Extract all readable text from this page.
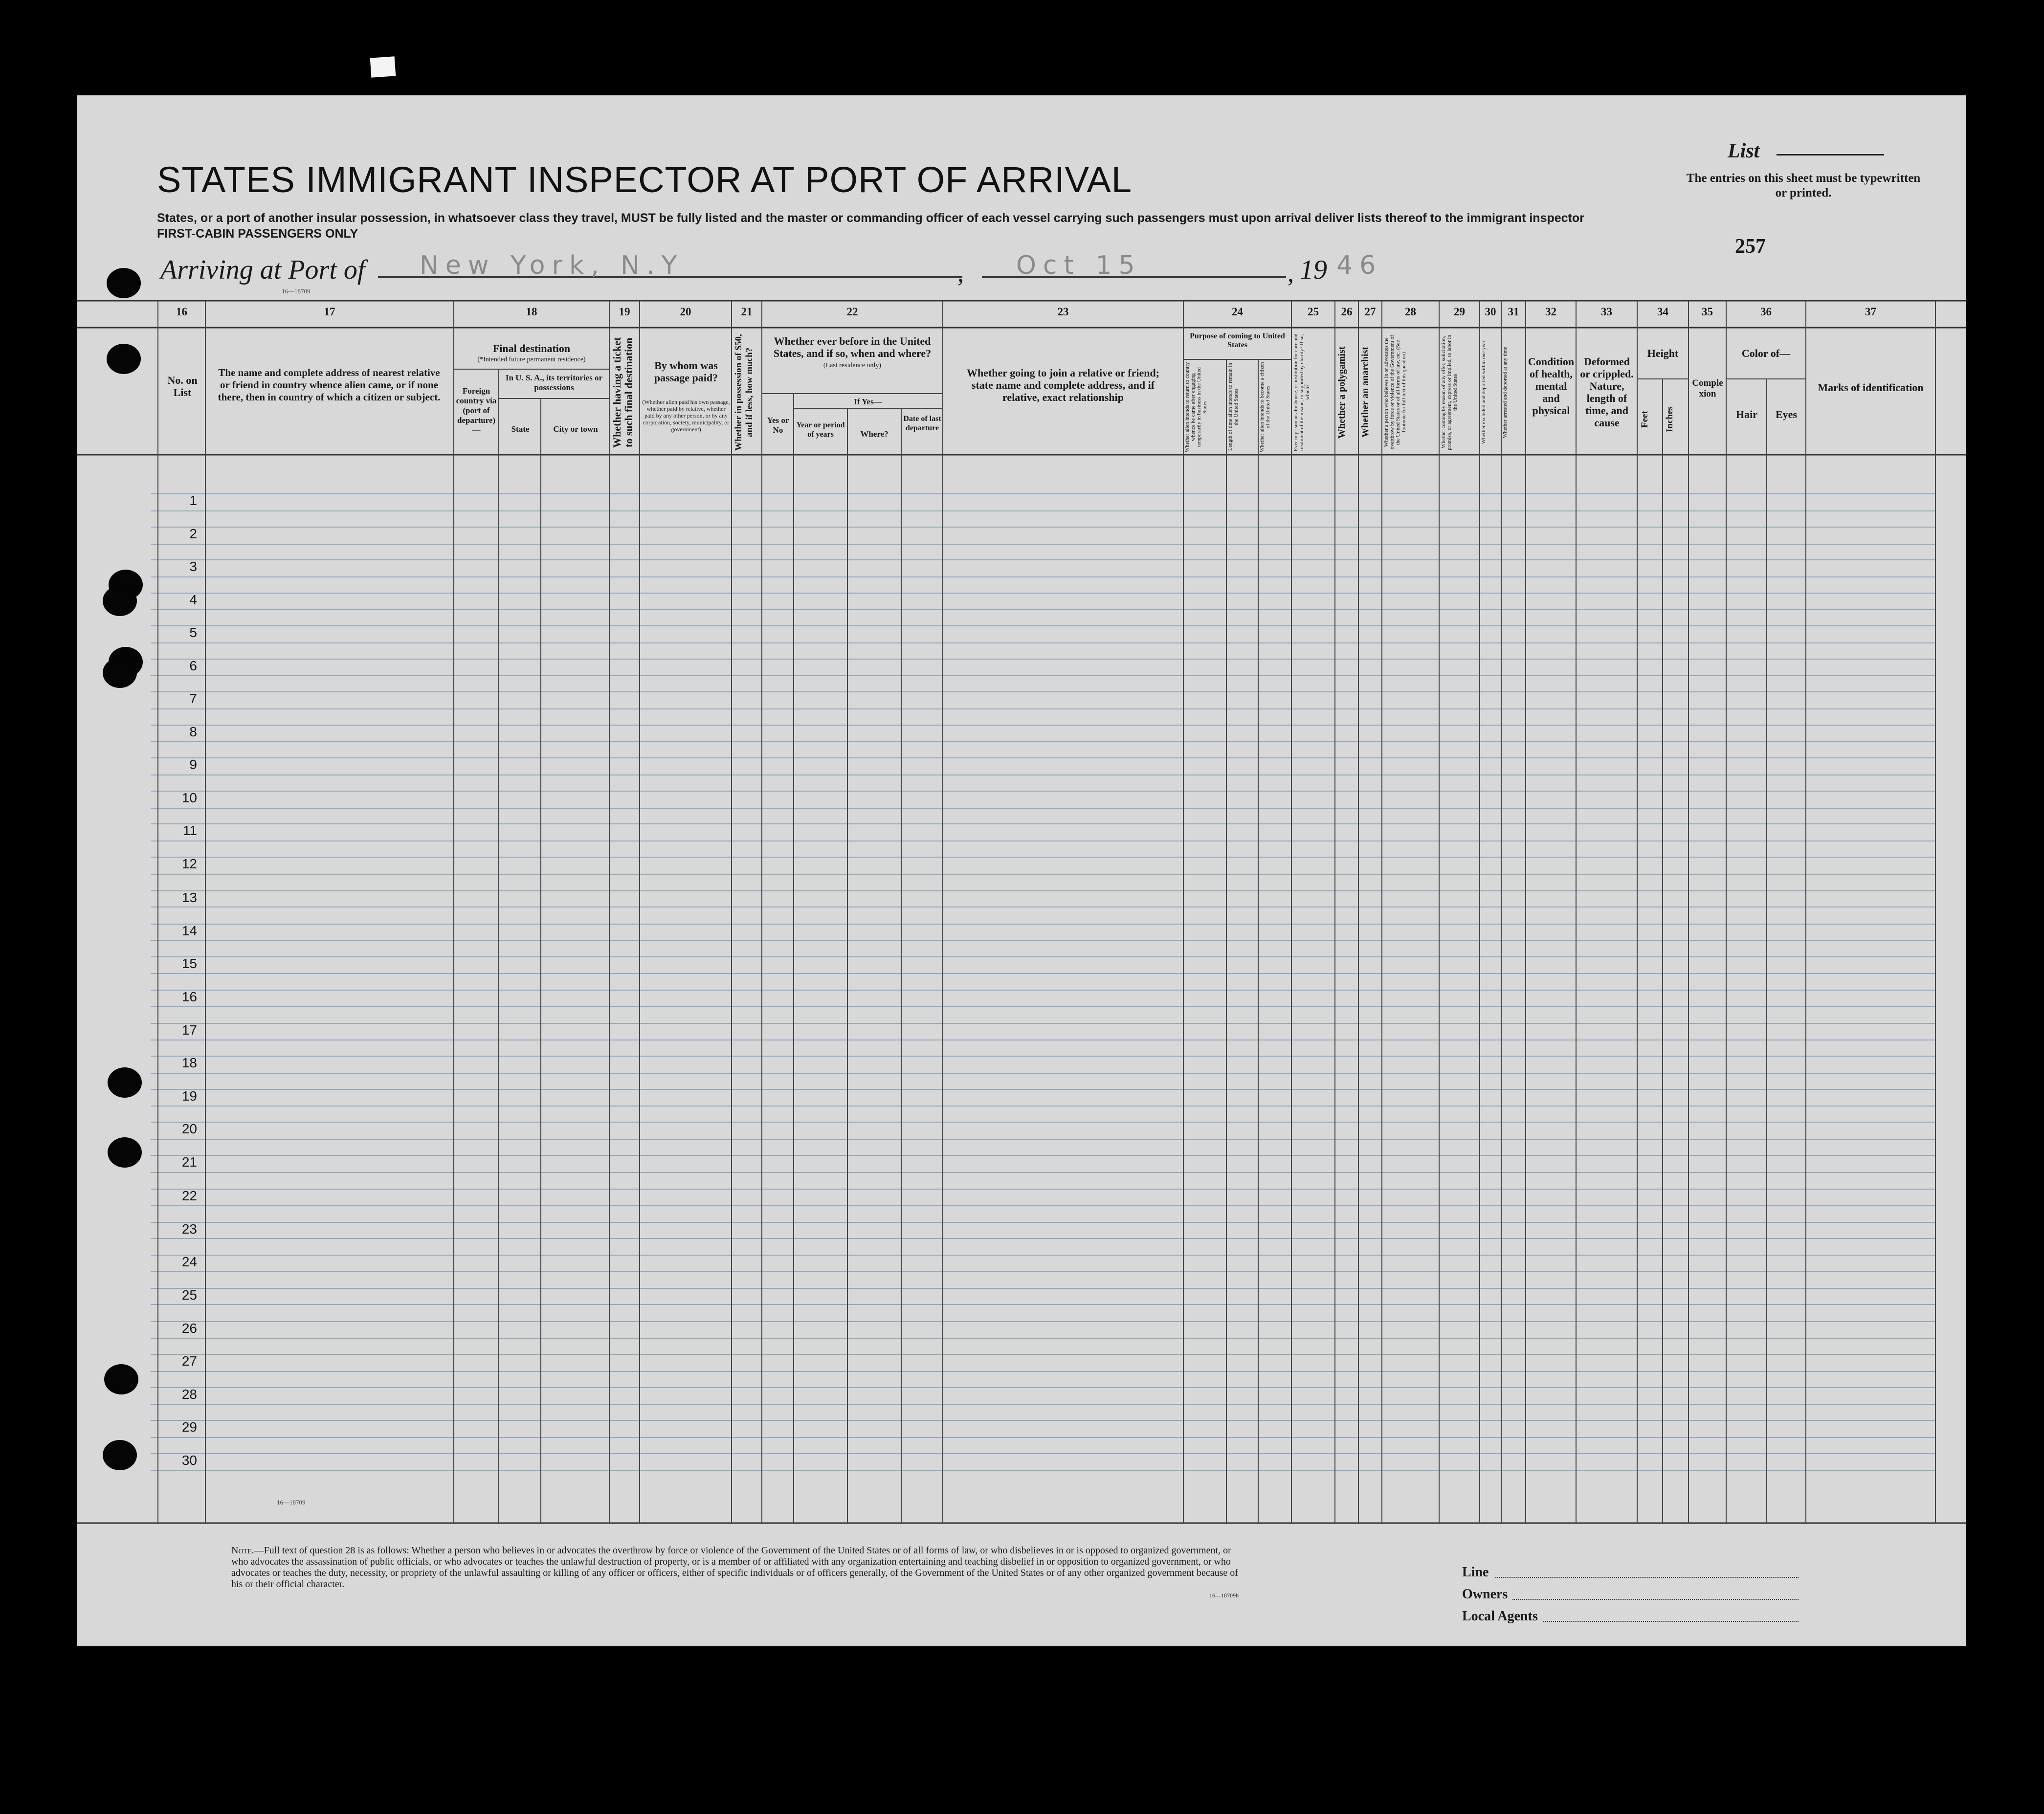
STATES IMMIGRANT INSPECTOR AT PORT OF ARRIVAL
States, or a port of another insular possession, in whatsoever class they travel, MUST be fully listed and the master or commanding officer of each vessel carrying such passengers must upon arrival deliver lists thereof to the immigrant inspector
FIRST-CABIN PASSENGERS ONLY
List
The entries on this sheet must be typewritten or printed.
257
Arriving at Port of New York, N.Y	, Oct 15	, 19 46
16—18709
16	17	18	19	20	21	22	23	24	25	26	27	28	29	30	31	32	33	34	35	36	37
No. on List
The name and complete address of nearest relative or friend in country whence alien came, or if none there, then in country of which a citizen or subject.
Final destination
(*Intended future permanent residence)
Foreign country via (port of departure)—
In U. S. A., its territories or possessions
State	City or town	Whether having a ticket to such final destination	By whom was passage paid?
(Whether alien paid his own passage, whether paid by relative, whether paid by any other person, or by any corporation, society, municipality, or government)	Whether in possession of $50, and if less, how much?
Whether ever before in the United States, and if so, when and where?
(Last residence only)
Yes or No
If Yes—
Year or period of years	Where?
Date of last departure
Whether going to join a relative or friend; state name and complete address, and if relative, exact relationship
Purpose of coming to United States
Whether alien intends to return to country whence he came after engaging temporarily in business in the United States	Length of time alien intends to remain in the United States	Whether alien intends to become a citizen of the United States	Ever in prison or almshouse, or institution for care and treatment of the insane, or supported by charity? If so, which?	Whether a polygamist	Whether an anarchist	Whether a person who believes in or advocates the overthrow by force or violence of the Government of the United States or of all forms of law, etc. (See footnote for full text of this question)	Whether coming by reason of any offer, solicitation, promise, or agreement, express or implied, to labor in the United States	Whether excluded and deported within one year	Whether arrested and deported at any time	Condition of health, mental and physical
Deformed or crippled. Nature, length of time, and cause
Height
Feet	Inches
Complexion
Color of—
Hair	Eyes
Marks of identification
1
2
3
4
5
6
7
8
9
10
11
12
13
14
15
16
17
18
19
20
21
22
23
24
25
26
27
28
29
30
16—18709
Note.—Full text of question 28 is as follows: Whether a person who believes in or advocates the overthrow by force or violence of the Government of the United States or of all forms of law, or who disbelieves in or is opposed to organized government, or who advocates the assassination of public officials, or who advocates or teaches the unlawful destruction of property, or is a member of or affiliated with any organization entertaining and teaching disbelief in or opposition to organized government, or who advocates or teaches the duty, necessity, or propriety of the unlawful assaulting or killing of any officer or officers, either of specific individuals or of officers generally, of the Government of the United States or of any other organized government because of his or their official character.
16—18709b
Line
Owners
Local Agents
